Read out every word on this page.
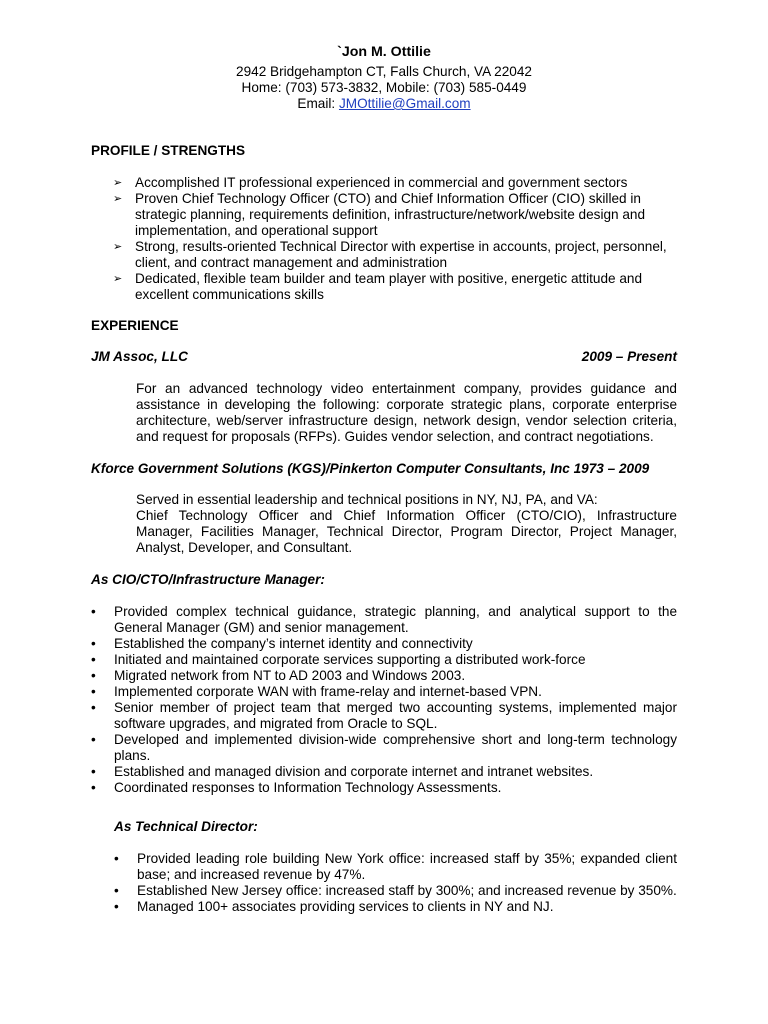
`Jon M. Ottilie
2942 Bridgehampton CT, Falls Church, VA 22042
Home: (703) 573-3832, Mobile: (703) 585-0449
Email: JMOttilie@Gmail.com
PROFILE / STRENGTHS
➢ Accomplished IT professional experienced in commercial and government sectors
➢ Proven Chief Technology Officer (CTO) and Chief Information Officer (CIO) skilled in strategic planning, requirements definition, infrastructure/network/website design and implementation, and operational support
➢ Strong, results-oriented Technical Director with expertise in accounts, project, personnel, client, and contract management and administration
➢ Dedicated, flexible team builder and team player with positive, energetic attitude and excellent communications skills
EXPERIENCE
JM Assoc, LLC	2009 – Present

For an advanced technology video entertainment company, provides guidance and assistance in developing the following: corporate strategic plans, corporate enterprise architecture, web/server infrastructure design, network design, vendor selection criteria, and request for proposals (RFPs). Guides vendor selection, and contract negotiations.

Kforce Government Solutions (KGS)/Pinkerton Computer Consultants, Inc 1973 – 2009
Served in essential leadership and technical positions in NY, NJ, PA, and VA:
Chief Technology Officer and Chief Information Officer (CTO/CIO), Infrastructure Manager, Facilities Manager, Technical Director, Program Director, Project Manager, Analyst, Developer, and Consultant.
As CIO/CTO/Infrastructure Manager:
• Provided complex technical guidance, strategic planning, and analytical support to the General Manager (GM) and senior management.
• Established the company’s internet identity and connectivity
• Initiated and maintained corporate services supporting a distributed work-force
• Migrated network from NT to AD 2003 and Windows 2003.
• Implemented corporate WAN with frame-relay and internet-based VPN.
• Senior member of project team that merged two accounting systems, implemented major software upgrades, and migrated from Oracle to SQL.
• Developed and implemented division-wide comprehensive short and long-term technology plans.
• Established and managed division and corporate internet and intranet websites.
• Coordinated responses to Information Technology Assessments.
As Technical Director:
• Provided leading role building New York office: increased staff by 35%; expanded client base; and increased revenue by 47%.
• Established New Jersey office: increased staff by 300%; and increased revenue by 350%.
• Managed 100+ associates providing services to clients in NY and NJ.
